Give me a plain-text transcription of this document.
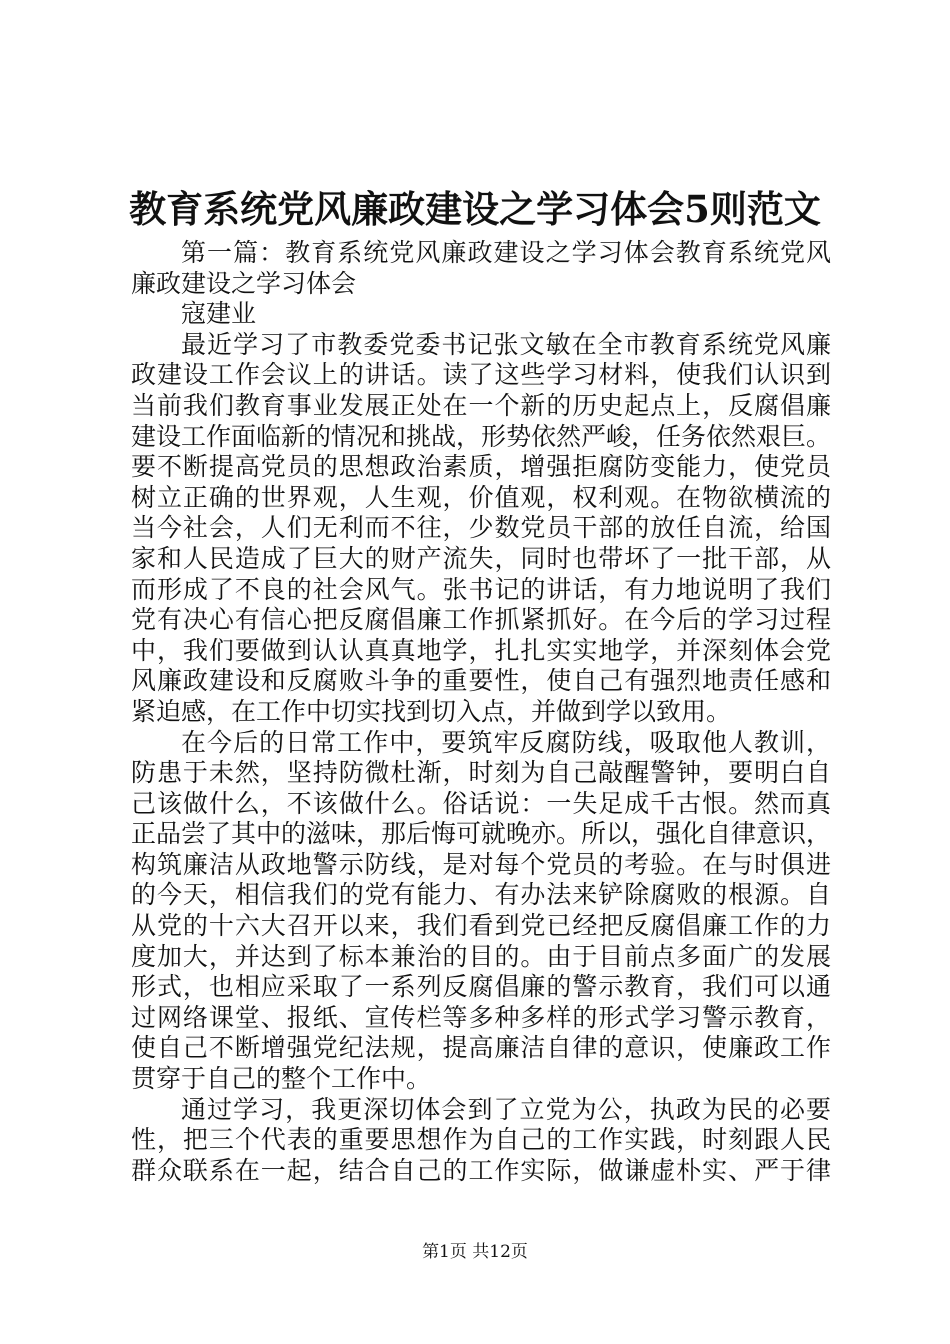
教育系统党风廉政建设之学习体会5则范文
第一篇：教育系统党风廉政建设之学习体会教育系统党风
廉政建设之学习体会
寇建业
最近学习了市教委党委书记张文敏在全市教育系统党风廉
政建设工作会议上的讲话。读了这些学习材料，使我们认识到
当前我们教育事业发展正处在一个新的历史起点上，反腐倡廉
建设工作面临新的情况和挑战，形势依然严峻，任务依然艰巨。
要不断提高党员的思想政治素质，增强拒腐防变能力，使党员
树立正确的世界观，人生观，价值观，权利观。在物欲横流的
当今社会，人们无利而不往，少数党员干部的放任自流，给国
家和人民造成了巨大的财产流失，同时也带坏了一批干部，从
而形成了不良的社会风气。张书记的讲话，有力地说明了我们
党有决心有信心把反腐倡廉工作抓紧抓好。在今后的学习过程
中，我们要做到认认真真地学，扎扎实实地学，并深刻体会党
风廉政建设和反腐败斗争的重要性，使自己有强烈地责任感和
紧迫感，在工作中切实找到切入点，并做到学以致用。
在今后的日常工作中，要筑牢反腐防线，吸取他人教训，
防患于未然，坚持防微杜渐，时刻为自己敲醒警钟，要明白自
己该做什么，不该做什么。俗话说：一失足成千古恨。然而真
正品尝了其中的滋味，那后悔可就晚亦。所以，强化自律意识，
构筑廉洁从政地警示防线，是对每个党员的考验。在与时俱进
的今天，相信我们的党有能力、有办法来铲除腐败的根源。自
从党的十六大召开以来，我们看到党已经把反腐倡廉工作的力
度加大，并达到了标本兼治的目的。由于目前点多面广的发展
形式，也相应采取了一系列反腐倡廉的警示教育，我们可以通
过网络课堂、报纸、宣传栏等多种多样的形式学习警示教育，
使自己不断增强党纪法规，提高廉洁自律的意识，使廉政工作
贯穿于自己的整个工作中。
通过学习，我更深切体会到了立党为公，执政为民的必要
性，把三个代表的重要思想作为自己的工作实践，时刻跟人民
群众联系在一起，结合自己的工作实际，做谦虚朴实、严于律
第1页 共12页
